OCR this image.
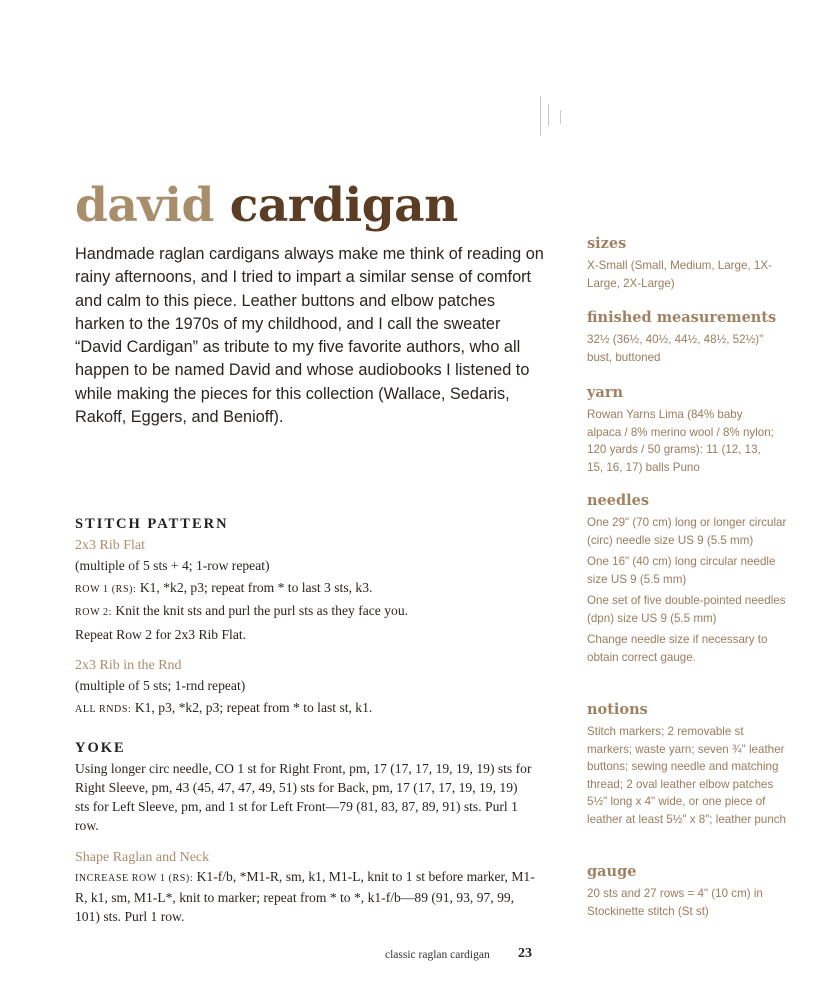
david cardigan

Handmade raglan cardigans always make me think of reading on rainy afternoons, and I tried to impart a similar sense of comfort and calm to this piece. Leather buttons and elbow patches harken to the 1970s of my childhood, and I call the sweater “David Cardigan” as tribute to my five favorite authors, who all happen to be named David and whose audiobooks I listened to while making the pieces for this collection (Wallace, Sedaris, Rakoff, Eggers, and Benioff).

STITCH PATTERN

2x3 Rib Flat

(multiple of 5 sts + 4; 1-row repeat)

ROW 1 (RS): K1, *k2, p3; repeat from * to last 3 sts, k3.

ROW 2: Knit the knit sts and purl the purl sts as they face you.

Repeat Row 2 for 2x3 Rib Flat.

2x3 Rib in the Rnd

(multiple of 5 sts; 1-rnd repeat)

ALL RNDS: K1, p3, *k2, p3; repeat from * to last st, k1.

YOKE

Using longer circ needle, CO 1 st for Right Front, pm, 17 (17, 17, 19, 19, 19) sts for Right Sleeve, pm, 43 (45, 47, 47, 49, 51) sts for Back, pm, 17 (17, 17, 19, 19, 19) sts for Left Sleeve, pm, and 1 st for Left Front—79 (81, 83, 87, 89, 91) sts. Purl 1 row.

Shape Raglan and Neck

INCREASE ROW 1 (RS): K1-f/b, *M1-R, sm, k1, M1-L, knit to 1 st before marker, M1-R, k1, sm, M1-L*, knit to marker; repeat from * to *, k1-f/b—89 (91, 93, 97, 99, 101) sts. Purl 1 row.

sizes

X-Small (Small, Medium, Large, 1X-Large, 2X-Large)

finished measurements

32½ (36½, 40½, 44½, 48½, 52½)" bust, buttoned

yarn

Rowan Yarns Lima (84% baby alpaca / 8% merino wool / 8% nylon; 120 yards / 50 grams): 11 (12, 13, 15, 16, 17) balls Puno

needles

One 29" (70 cm) long or longer circular (circ) needle size US 9 (5.5 mm)

One 16" (40 cm) long circular needle size US 9 (5.5 mm)

One set of five double-pointed needles (dpn) size US 9 (5.5 mm)

Change needle size if necessary to obtain correct gauge.

notions

Stitch markers; 2 removable st markers; waste yarn; seven ¾" leather buttons; sewing needle and matching thread; 2 oval leather elbow patches 5½" long x 4" wide, or one piece of leather at least 5½" x 8"; leather punch

gauge

20 sts and 27 rows = 4" (10 cm) in Stockinette stitch (St st)

classic raglan cardigan 23
